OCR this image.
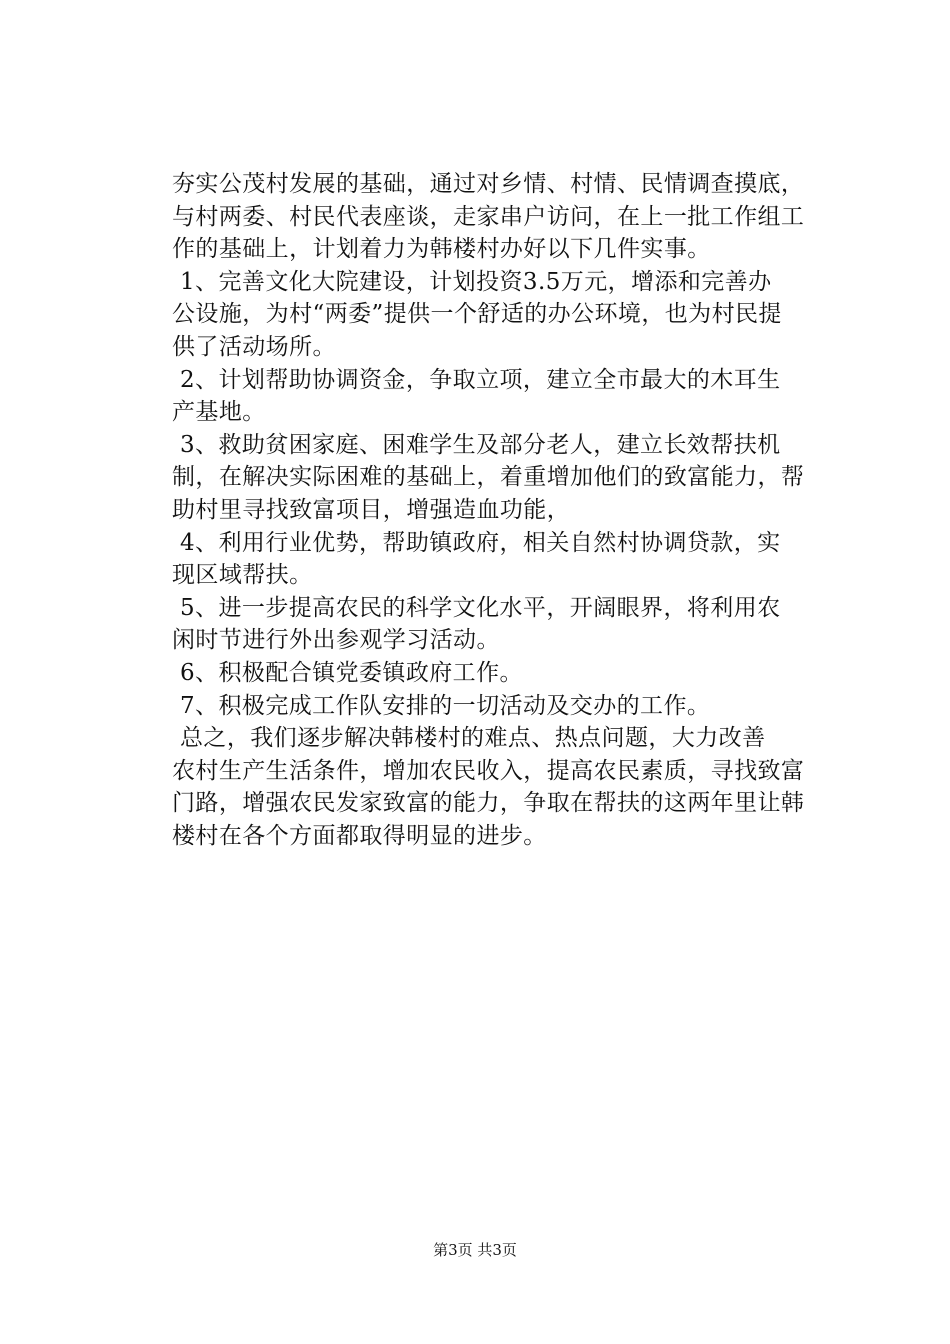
夯实公茂村发展的基础，通过对乡情、村情、民情调查摸底，
与村两委、村民代表座谈，走家串户访问，在上一批工作组工
作的基础上，计划着力为韩楼村办好以下几件实事。
1、完善文化大院建设，计划投资3.5万元，增添和完善办
公设施，为村“两委”提供一个舒适的办公环境，也为村民提
供了活动场所。
2、计划帮助协调资金，争取立项，建立全市最大的木耳生
产基地。
3、救助贫困家庭、困难学生及部分老人，建立长效帮扶机
制，在解决实际困难的基础上，着重增加他们的致富能力，帮
助村里寻找致富项目，增强造血功能，
4、利用行业优势，帮助镇政府，相关自然村协调贷款，实
现区域帮扶。
5、进一步提高农民的科学文化水平，开阔眼界，将利用农
闲时节进行外出参观学习活动。
6、积极配合镇党委镇政府工作。
7、积极完成工作队安排的一切活动及交办的工作。
总之，我们逐步解决韩楼村的难点、热点问题，大力改善
农村生产生活条件，增加农民收入，提高农民素质，寻找致富
门路，增强农民发家致富的能力，争取在帮扶的这两年里让韩
楼村在各个方面都取得明显的进步。
第3页 共3页
